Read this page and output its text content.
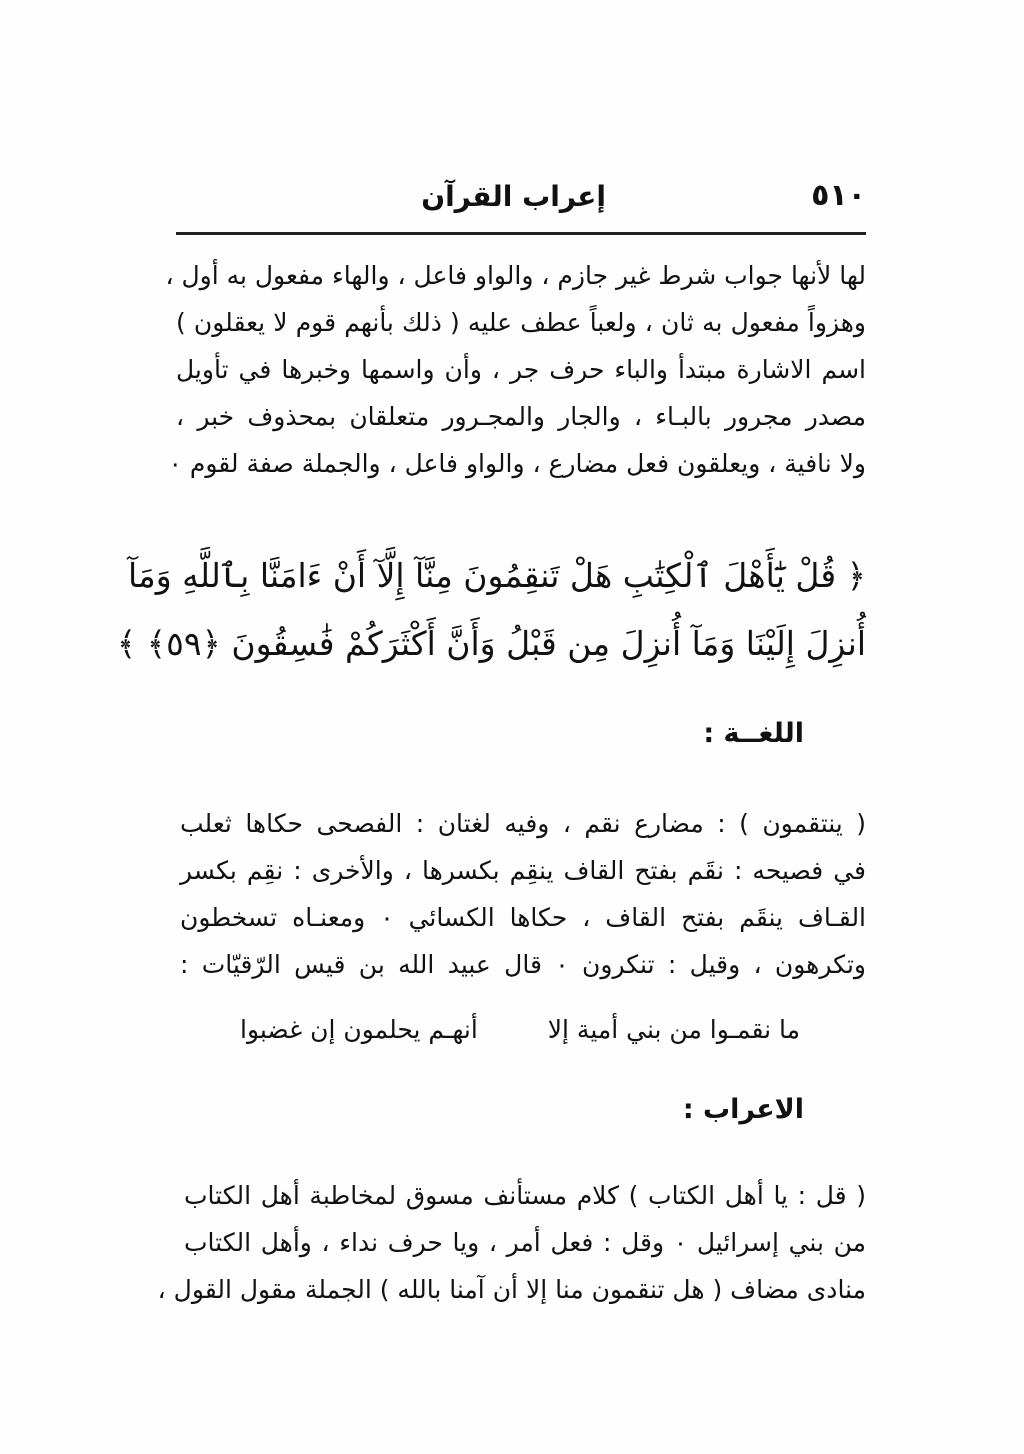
٥١٠
إعراب القرآن
لها لأنها جواب شرط غير جازم ، والواو فاعل ، والهاء مفعول به أول ،
وهزواً مفعول به ثان ، ولعباً عطف عليه ( ذلك بأنهم قوم لا يعقلون )
اسم الاشارة مبتدأ والباء حرف جر ، وأن واسمها وخبرها في تأويل
مصدر مجرور بالبـاء ، والجار والمجـرور متعلقان بمحذوف خبر ،
ولا نافية ، ويعلقون فعل مضارع ، والواو فاعل ، والجملة صفة لقوم ٠
﴿ قُلْ يَٰٓأَهْلَ ٱلْكِتَٰبِ هَلْ تَنقِمُونَ مِنَّآ إِلَّآ أَنْ ءَامَنَّا بِٱللَّهِ وَمَآ
أُنزِلَ إِلَيْنَا وَمَآ أُنزِلَ مِن قَبْلُ وَأَنَّ أَكْثَرَكُمْ فَٰسِقُونَ ﴿٥٩﴾ ﴾
اللغــة :
( ينتقمون ) : مضارع نقم ، وفيه لغتان : الفصحى حكاها ثعلب
في فصيحه : نقَم بفتح القاف ينقِم بكسرها ، والأخرى : نقِم بكسر
القـاف ينقَم بفتح القاف ، حكاها الكسائي ٠ ومعنـاه تسخطون
وتكرهون ، وقيل : تنكرون ٠ قال عبيد الله بن قيس الرّقيّات :
ما نقمـوا من بني أمية إلا
أنهـم يحلمون إن غضبوا
الاعراب :
( قل : يا أهل الكتاب ) كلام مستأنف مسوق لمخاطبة أهل الكتاب
من بني إسرائيل ٠ وقل : فعل أمر ، ويا حرف نداء ، وأهل الكتاب
منادى مضاف ( هل تنقمون منا إلا أن آمنا بالله ) الجملة مقول القول ،
